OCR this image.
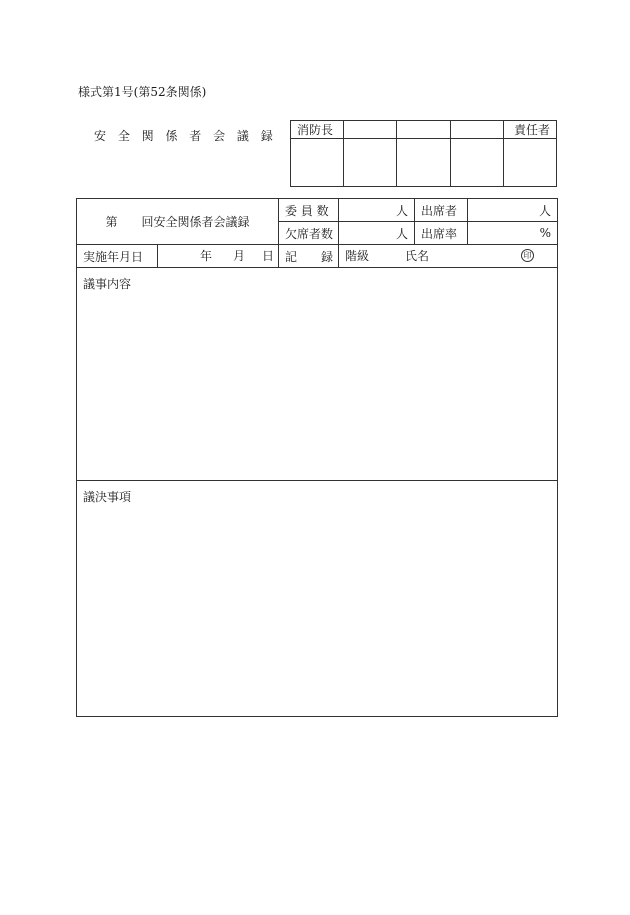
様式第1号(第52条関係)
安 全 関 係 者 会 議 録 消防長				責任者

第　　回安全関係者会議録		委 員 数	人	出席者	人
		欠席者数	人	出席率	%
実施年月日	年 月 日	記　　録	階級 氏名 印		

議事内容					

議決事項					
